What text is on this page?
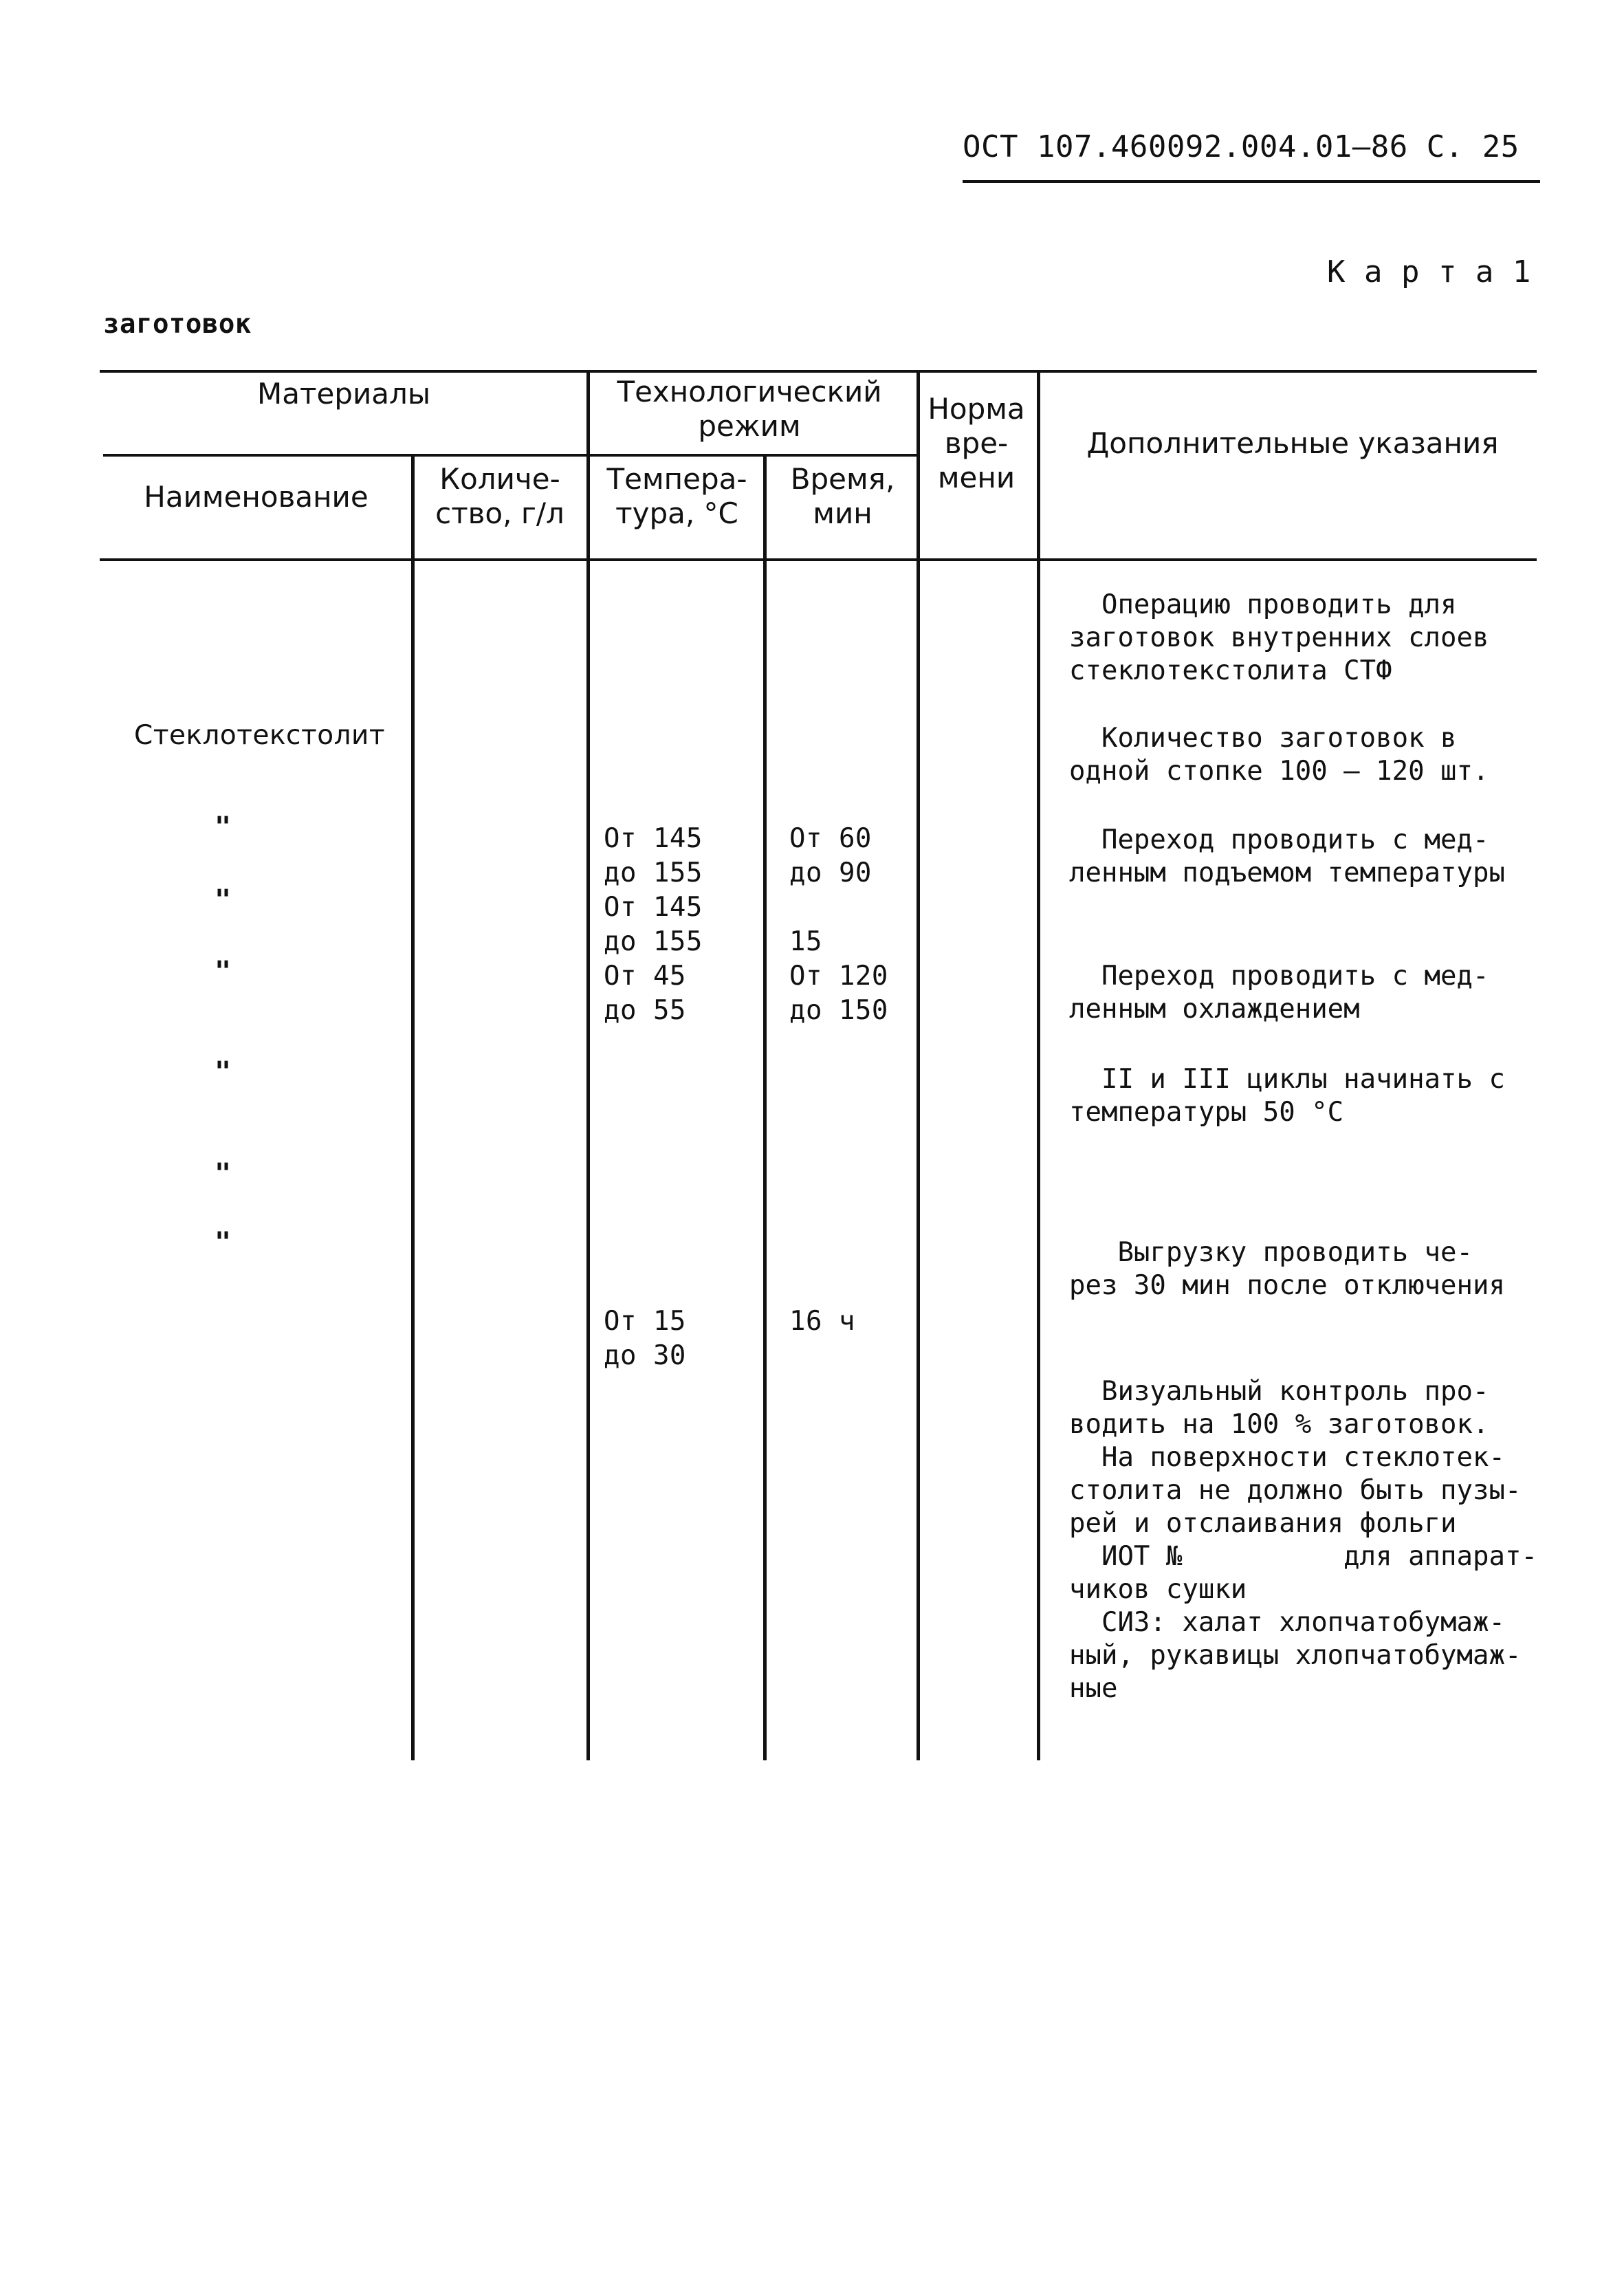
ОСТ 107.460092.004.01–86 С. 25
К а р т а 1
заготовок
Материалы	Технологический режим
Норма вре- мени
Дополнительные указания
Наименование
Количе- ство, г/л
Темпера- тура, °С
Время, мин
Стеклотекстолит
"
"
"
"
"
"
От 145
до 155
От 145
до 155
От 45
до 55
От 15
до 30
От 60
до 90
15
От 120
до 150
16 ч
Операцию проводить для
заготовок внутренних слоев
стеклотекстолита СТФ
Количество заготовок в
одной стопке 100 – 120 шт.
Переход проводить с мед-
ленным подъемом температуры
Переход проводить с мед-
ленным охлаждением
II и III циклы начинать с
температуры 50 °С
Выгрузку проводить че-
рез 30 мин после отключения
Визуальный контроль про-
водить на 100 % заготовок.
На поверхности стеклотек-
столита не должно быть пузы-
рей и отслаивания фольги
ИОТ №          для аппарат-
чиков сушки
СИЗ: халат хлопчатобумаж-
ный, рукавицы хлопчатобумаж-
ные
